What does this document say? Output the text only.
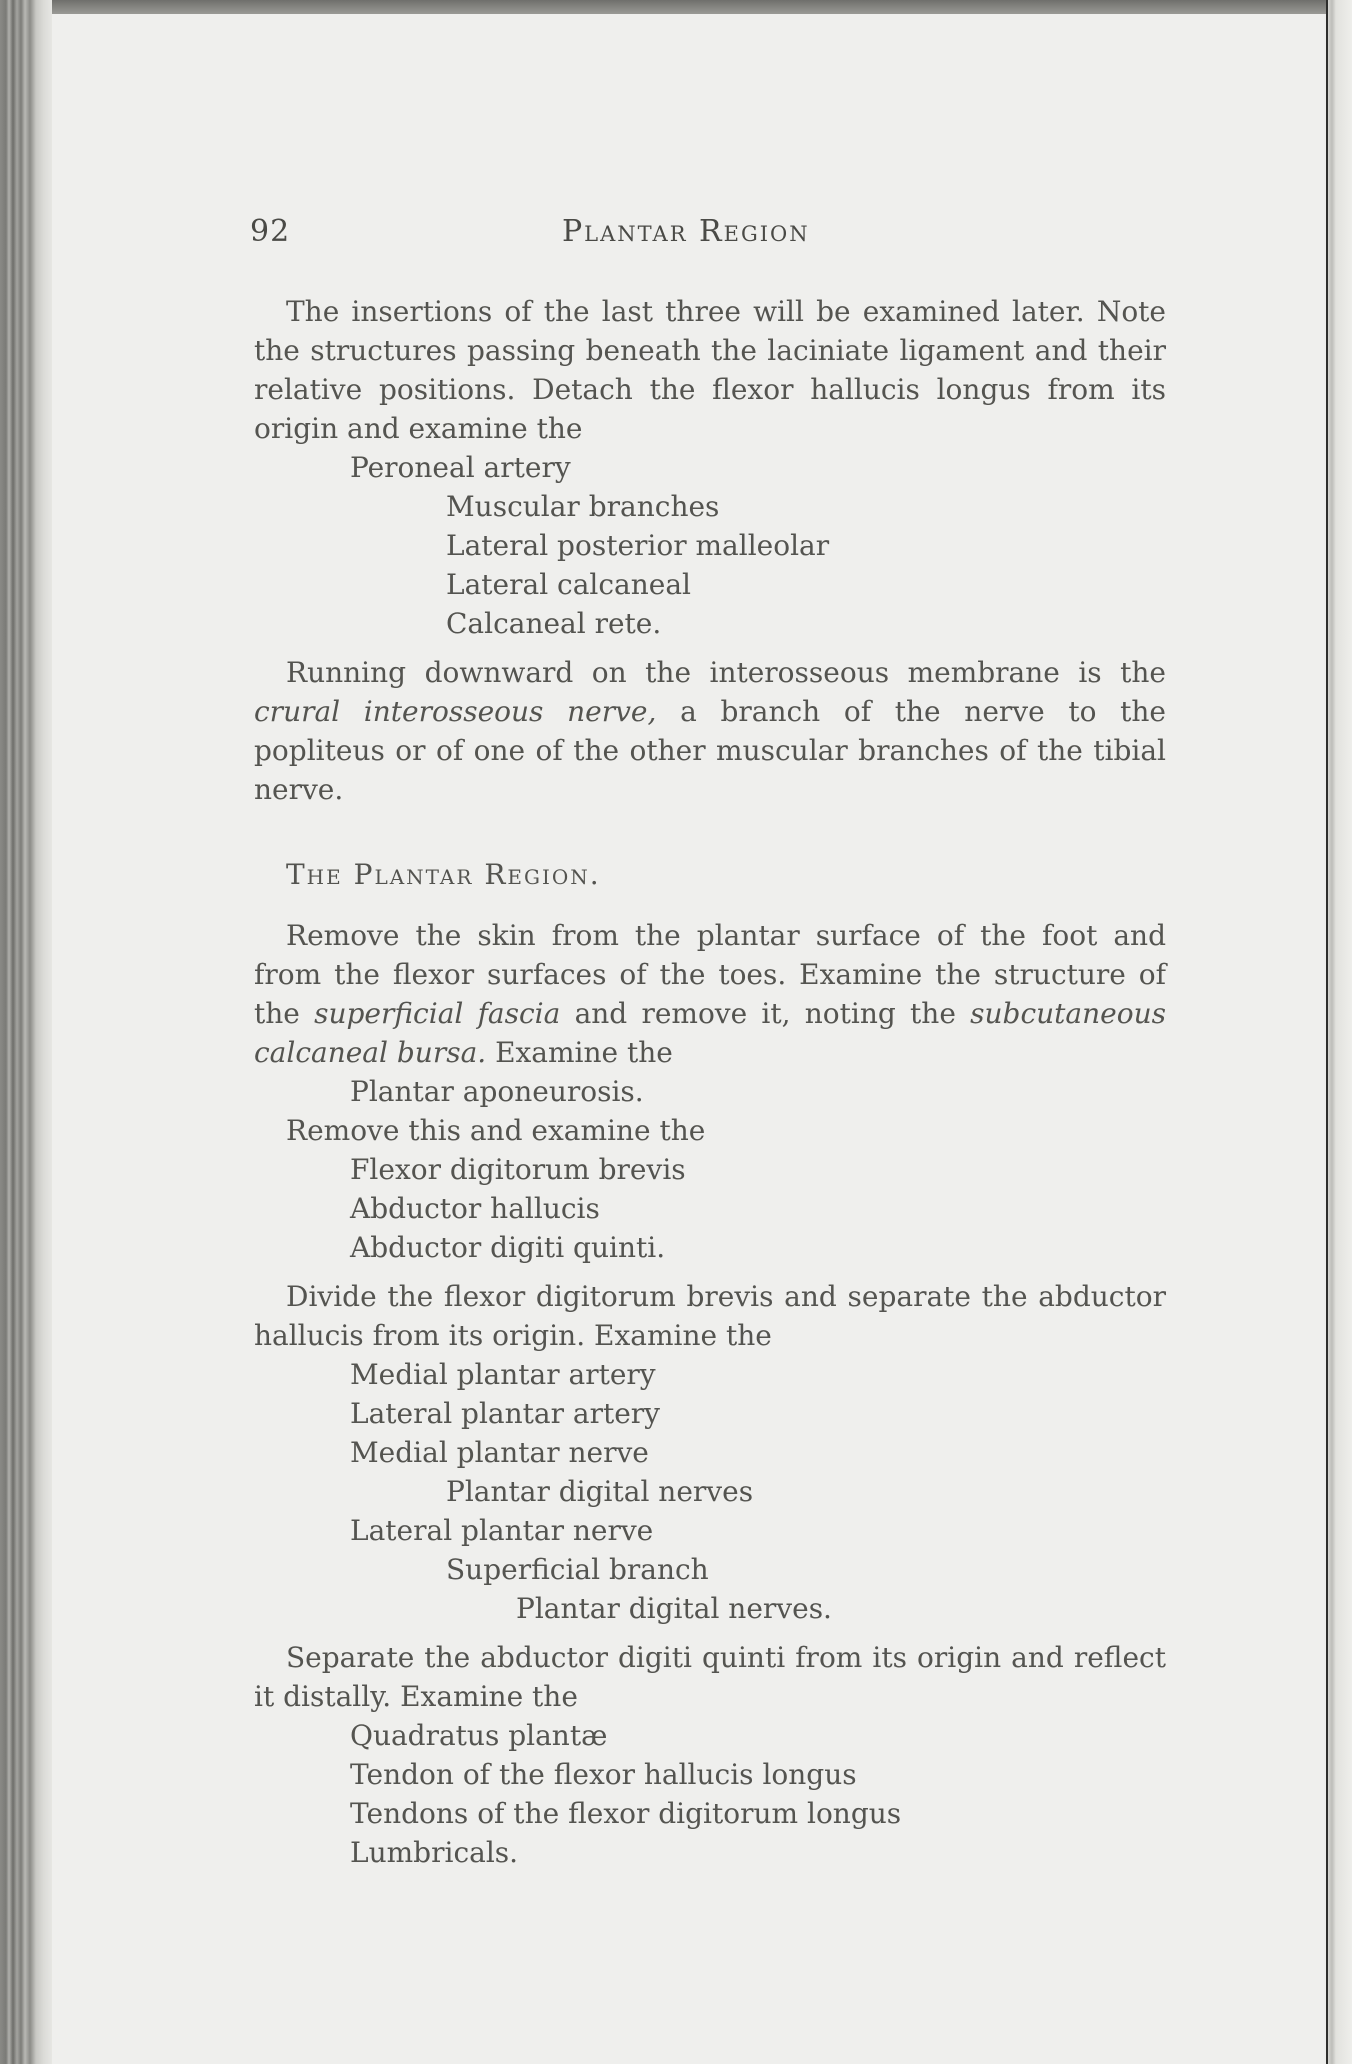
92	Plantar Region

The insertions of the last three will be examined later. Note the structures passing beneath the laciniate ligament and their relative positions. Detach the flexor hallucis longus from its origin and examine the

Peroneal artery
Muscular branches
Lateral posterior malleolar
Lateral calcaneal
Calcaneal rete.

Running downward on the interosseous membrane is the crural interosseous nerve, a branch of the nerve to the popliteus or of one of the other muscular branches of the tibial nerve.

The Plantar Region.

Remove the skin from the plantar surface of the foot and from the flexor surfaces of the toes. Examine the structure of the superficial fascia and remove it, noting the subcutaneous calcaneal bursa. Examine the

Plantar aponeurosis.

Remove this and examine the

Flexor digitorum brevis
Abductor hallucis
Abductor digiti quinti.

Divide the flexor digitorum brevis and separate the abductor hallucis from its origin. Examine the

Medial plantar artery
Lateral plantar artery
Medial plantar nerve
Plantar digital nerves
Lateral plantar nerve
Superficial branch
Plantar digital nerves.

Separate the abductor digiti quinti from its origin and reflect it distally. Examine the

Quadratus plantæ
Tendon of the flexor hallucis longus
Tendons of the flexor digitorum longus
Lumbricals.
